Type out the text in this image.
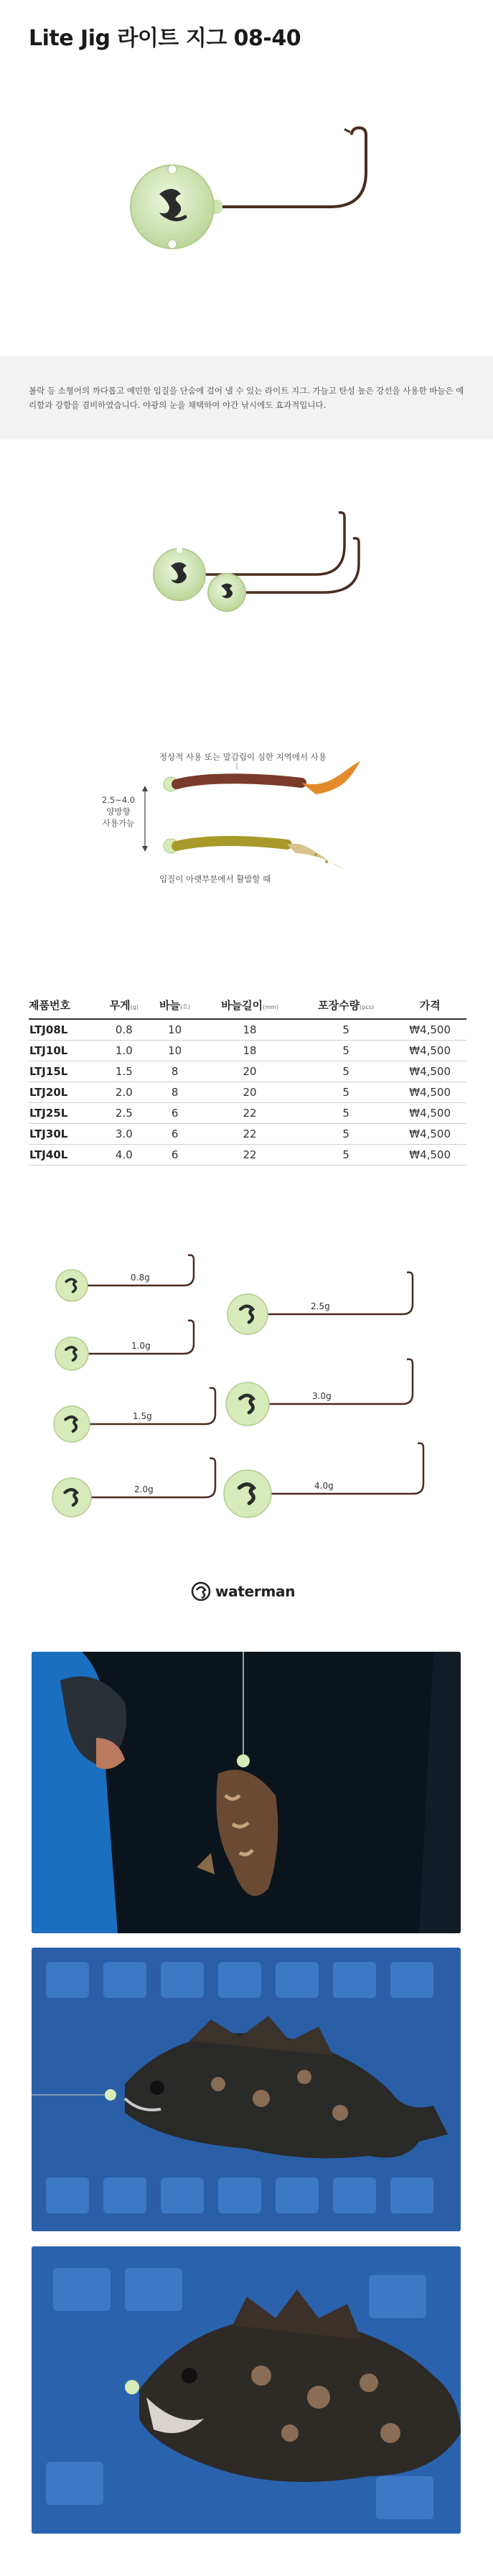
Lite Jig 라이트 지그 08-40
볼락 등 소형어의 까다롭고 예민한 입질을 단숨에 걸어 낼 수 있는 라이트 지그. 가늘고 탄성 높은 강선을 사용한 바늘은 예리함과 강함을 겸비하였습니다. 야광의 눈을 채택하여 야간 낚시에도 효과적입니다.
정상적 사용 또는 말감림이 심한 지역에서 사용
입질이 아랫부분에서 활발할 때
2.5~4.0
양방향
사용가능
제품번호	무게(g)	바늘(호)	바늘길이(mm)	포장수량(pcs)	가격
LTJ08L	0.8	10	18	5	₩4,500
LTJ10L	1.0	10	18	5	₩4,500
LTJ15L	1.5	8	20	5	₩4,500
LTJ20L	2.0	8	20	5	₩4,500
LTJ25L	2.5	6	22	5	₩4,500
LTJ30L	3.0	6	22	5	₩4,500
LTJ40L	4.0	6	22	5	₩4,500
0.8g
1.0g
1.5g
2.0g
2.5g
3.0g
4.0g
waterman
